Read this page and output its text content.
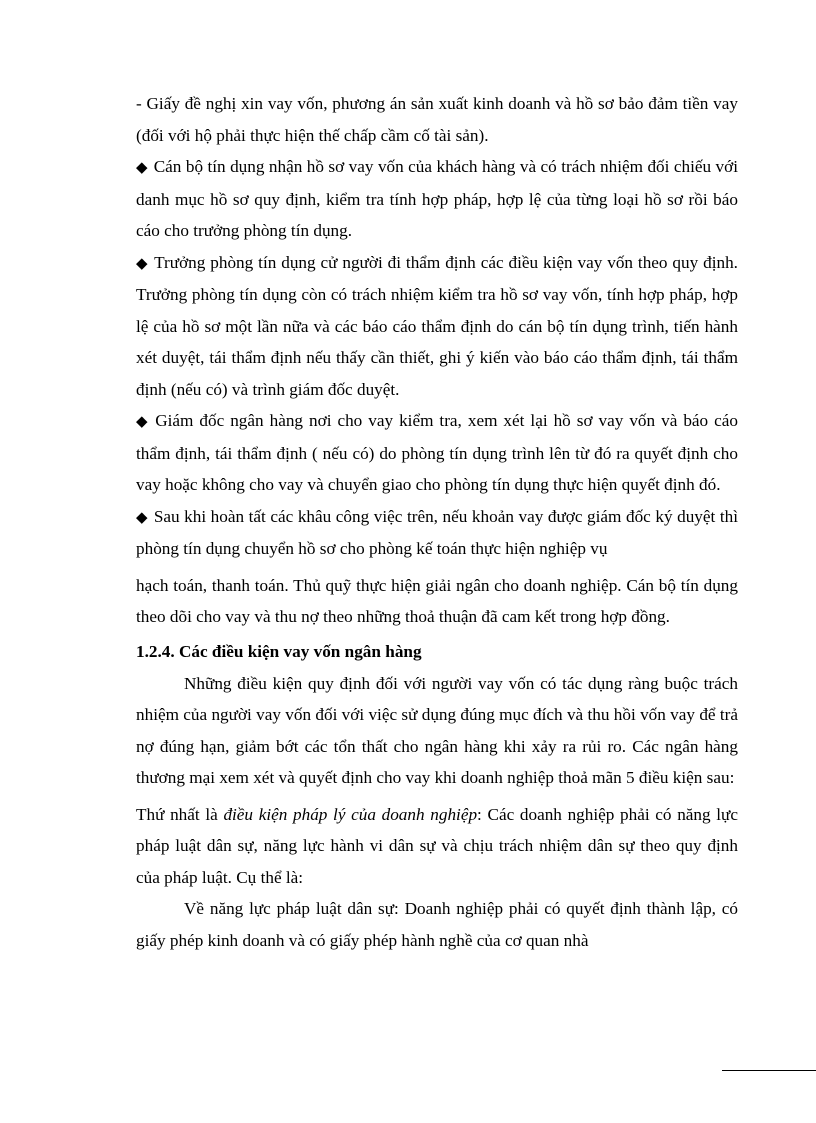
- Giấy đề nghị xin vay vốn, phương án sản xuất kinh doanh và hồ sơ bảo đảm tiền vay (đối với hộ phải thực hiện thế chấp cầm cố tài sản).

◆ Cán bộ tín dụng nhận hồ sơ vay vốn của khách hàng và có trách nhiệm đối chiếu với danh mục hồ sơ quy định, kiểm tra tính hợp pháp, hợp lệ của từng loại hồ sơ rồi báo cáo cho trưởng phòng tín dụng.

◆ Trưởng phòng tín dụng cử người đi thẩm định các điều kiện vay vốn theo quy định. Trưởng phòng tín dụng còn có trách nhiệm kiểm tra hồ sơ vay vốn, tính hợp pháp, hợp lệ của hồ sơ một lần nữa và các báo cáo thẩm định do cán bộ tín dụng trình, tiến hành xét duyệt, tái thẩm định nếu thấy cần thiết, ghi ý kiến vào báo cáo thẩm định, tái thẩm định (nếu có) và trình giám đốc duyệt.

◆ Giám đốc ngân hàng nơi cho vay kiểm tra, xem xét lại hồ sơ vay vốn và báo cáo thẩm định, tái thẩm định ( nếu có) do phòng tín dụng trình lên từ đó ra quyết định cho vay hoặc không cho vay và chuyển giao cho phòng tín dụng thực hiện quyết định đó.

◆ Sau khi hoàn tất các khâu công việc trên, nếu khoản vay được giám đốc ký duyệt thì phòng tín dụng chuyển hồ sơ cho phòng kế toán thực hiện nghiệp vụ

hạch toán, thanh toán. Thủ quỹ thực hiện giải ngân cho doanh nghiệp. Cán bộ tín dụng theo dõi cho vay và thu nợ theo những thoả thuận đã cam kết trong hợp đồng.

1.2.4. Các điều kiện vay vốn ngân hàng

Những điều kiện quy định đối với người vay vốn có tác dụng ràng buộc trách nhiệm của người vay vốn đối với việc sử dụng đúng mục đích và thu hồi vốn vay để trả nợ đúng hạn, giảm bớt các tổn thất cho ngân hàng khi xảy ra rủi ro. Các ngân hàng thương mại xem xét và quyết định cho vay khi doanh nghiệp thoả mãn 5 điều kiện sau:

Thứ nhất là điều kiện pháp lý của doanh nghiệp: Các doanh nghiệp phải có năng lực pháp luật dân sự, năng lực hành vi dân sự và chịu trách nhiệm dân sự theo quy định của pháp luật. Cụ thể là:

Về năng lực pháp luật dân sự: Doanh nghiệp phải có quyết định thành lập, có giấy phép kinh doanh và có giấy phép hành nghề của cơ quan nhà
